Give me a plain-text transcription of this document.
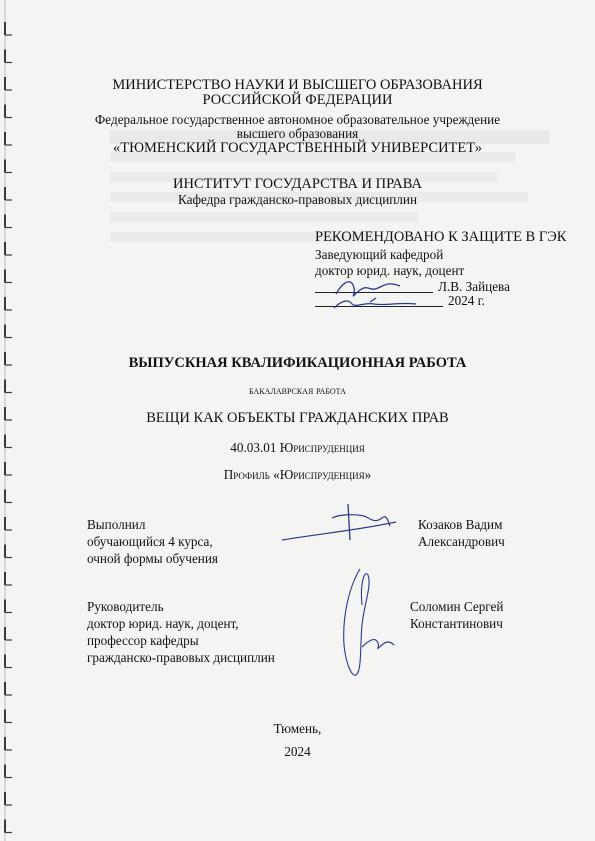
МИНИСТЕРСТВО НАУКИ И ВЫСШЕГО ОБРАЗОВАНИЯ
РОССИЙСКОЙ ФЕДЕРАЦИИ
Федеральное государственное автономное образовательное учреждение
высшего образования
«ТЮМЕНСКИЙ ГОСУДАРСТВЕННЫЙ УНИВЕРСИТЕТ»
ИНСТИТУТ ГОСУДАРСТВА И ПРАВА
Кафедра гражданско-правовых дисциплин
РЕКОМЕНДОВАНО К ЗАЩИТЕ В ГЭК
Заведующий кафедрой
доктор юрид. наук, доцент
Л.В. Зайцева
2024 г.
ВЫПУСКНАЯ КВАЛИФИКАЦИОННАЯ РАБОТА
бакалаврская работа
ВЕЩИ КАК ОБЪЕКТЫ ГРАЖДАНСКИХ ПРАВ
40.03.01 Юриспруденция
Профиль «Юриспруденция»
Выполнил
обучающийся 4 курса,
очной формы обучения
Козаков Вадим
Александрович
Руководитель
доктор юрид. наук, доцент,
профессор кафедры
гражданско-правовых дисциплин
Соломин Сергей
Константинович
Тюмень,
2024
